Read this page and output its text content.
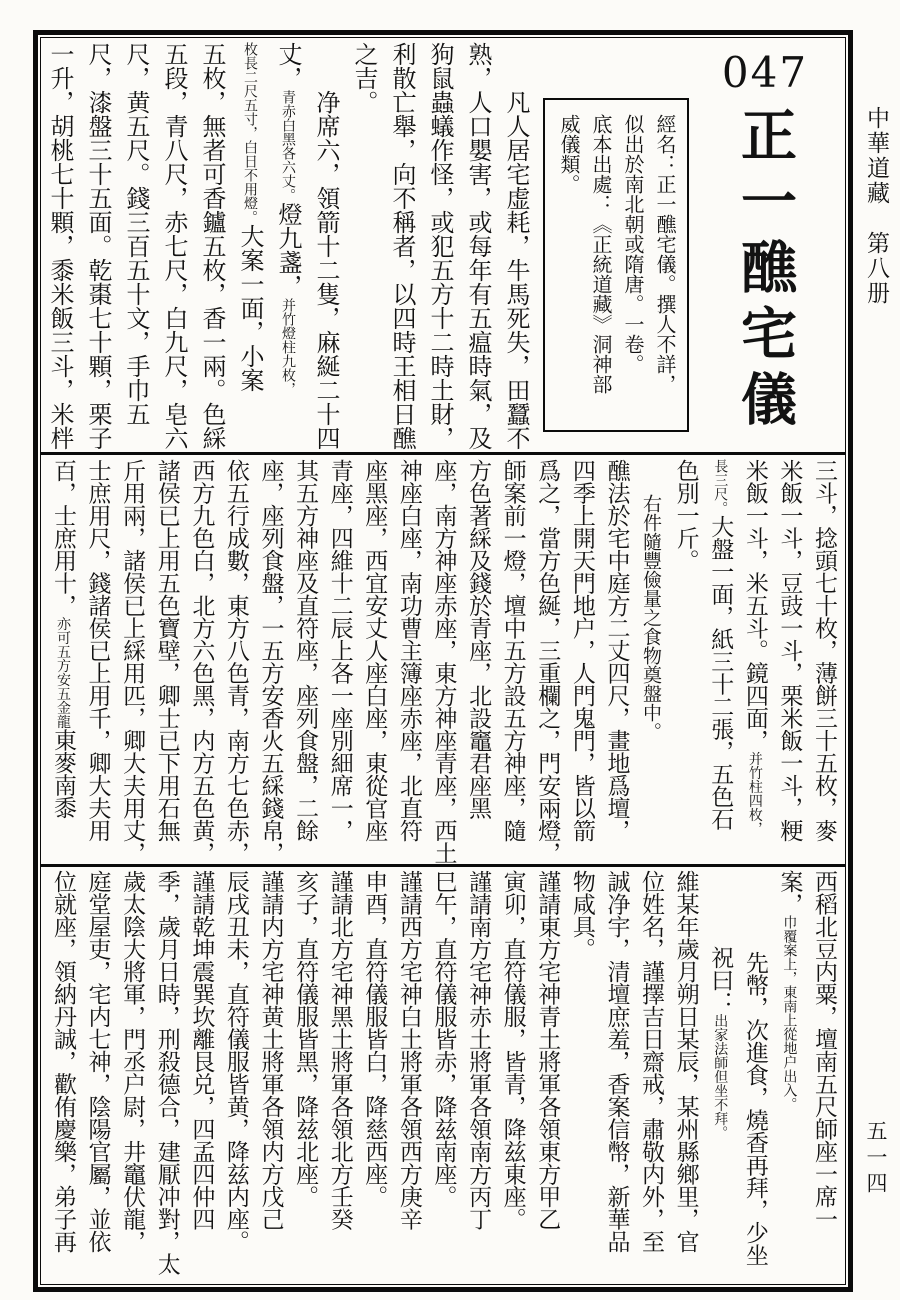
中華道藏　第八册
五一四
047
正一醮宅儀
經名：正一醮宅儀。撰人不詳，
似出於南北朝或隋唐。一卷。
底本出處：《正統道藏》洞神部
威儀類。
凡人居宅虚耗，牛馬死失，田蠶不
熟，人口嬰害，或每年有五瘟時氣，及
狗鼠蟲蟻作怪，或犯五方十二時土財，
利散亡舉，向不稱者，以四時王相日醮
之吉。
净席六，領箭十二隻，麻綖二十四
丈，青赤白黑各六丈。燈九盞，并竹燈柱九枚，
枚長二尺五寸，白日不用燈。大案一面，小案
五枚，無者可香鑪五枚，香一兩。色綵
五段，青八尺，赤七尺，白九尺，皂六
尺，黄五尺。錢三百五十文，手巾五
尺，漆盤三十五面。乾棗七十顆，栗子
一升，胡桃七十顆，黍米飯三斗，米柈
三斗，捻頭七十枚，薄餅三十五枚，麥
米飯一斗，豆豉一斗，栗米飯一斗，粳
米飯一斗，米五斗。鏡四面，并竹柱四枚，
長三尺。大盤一面，紙三十二張，五色石
色別一斤。
右件隨豐儉量之食物奠盤中。
醮法於宅中庭方二丈四尺，畫地爲壇，
四季上開天門地户，人門鬼門，皆以箭
爲之，當方色綖，三重欄之，門安兩燈，
師案前一燈，壇中五方設五方神座，隨
方色著綵及錢於青座，北設竈君座黑
座，南方神座赤座，東方神座青座，西土
神座白座，南功曹主簿座赤座，北直符
座黑座，西宜安丈人座白座，東從官座
青座，四維十二辰上各一座別細席一，
其五方神座及直符座，座列食盤，二餘
座，座列食盤，一五方安香火五綵錢帛，
依五行成數，東方八色青，南方七色赤，
西方九色白，北方六色黑，内方五色黄，
諸侯已上用五色寶壁，卿士已下用石無
斤用兩，諸侯已上綵用匹，卿大夫用丈，
士庶用尺，錢諸侯已上用千，卿大夫用
百，士庶用十，亦可五方安五金龍東麥南黍
西稻北豆内粟，壇南五尺師座一席一
案，巾覆案上，東南上從地户出入。
先幣，次進食，燒香再拜，少坐
祝曰：出家法師但坐不拜。
維某年歲月朔日某辰，某州縣鄉里，官
位姓名，謹擇吉日齋戒，肅敬内外，至
誠净宇，清壇庶羞，香案信幣，新華品
物咸具。
謹請東方宅神青土將軍各領東方甲乙
寅卯，直符儀服，皆青，降兹東座。
謹請南方宅神赤土將軍各領南方丙丁
巳午，直符儀服皆赤，降兹南座。
謹請西方宅神白土將軍各領西方庚辛
申酉，直符儀服皆白，降慈西座。
謹請北方宅神黑土將軍各領北方壬癸
亥子，直符儀服皆黑，降兹北座。
謹請内方宅神黄土將軍各領内方戊己
辰戌丑未，直符儀服皆黄，降兹内座。
謹請乾坤震巽坎離艮兑，四孟四仲四
季，歲月日時，刑殺德合，建厭冲對，太
歲太陰大將軍，門丞户尉，井竈伏龍，
庭堂屋吏，宅内七神，陰陽官屬，並依
位就座，領納丹誠，歡侑慶樂，弟子再
